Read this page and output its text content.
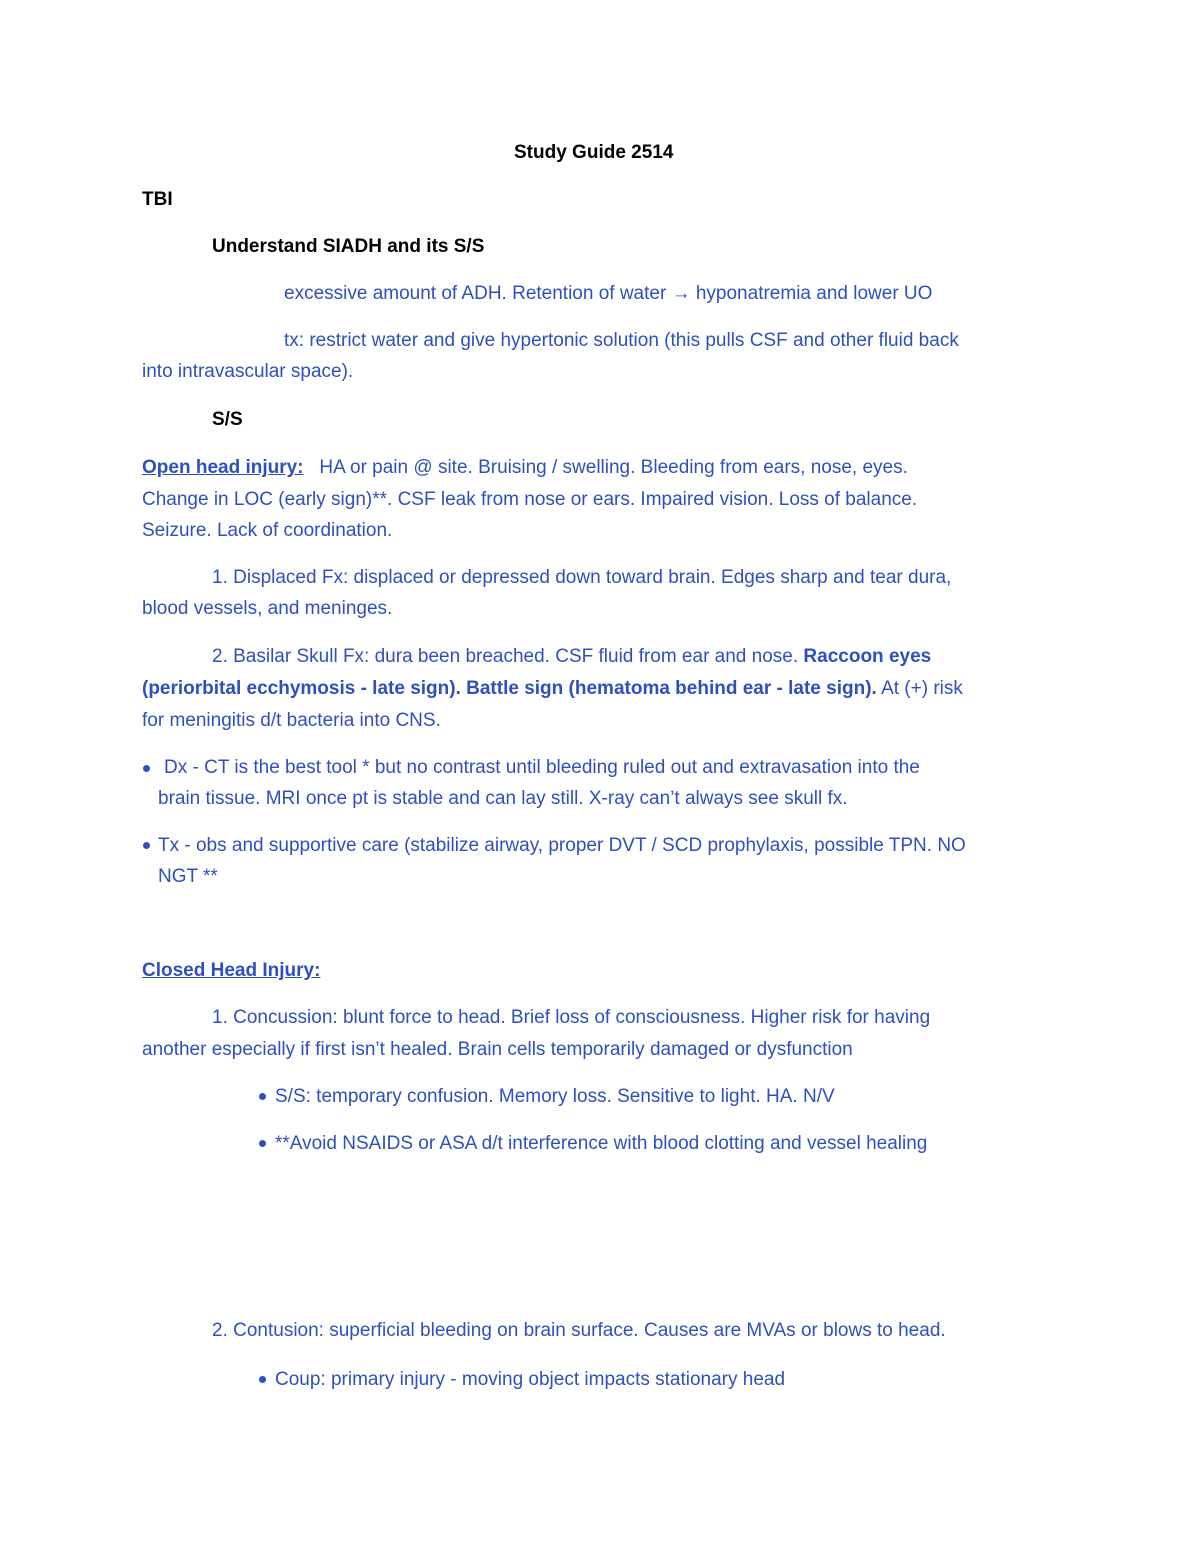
Study Guide 2514
TBI
Understand SIADH and its S/S
excessive amount of ADH. Retention of water → hyponatremia and lower UO
tx: restrict water and give hypertonic solution (this pulls CSF and other fluid back
into intravascular space).
S/S
Open head injury: HA or pain @ site. Bruising / swelling. Bleeding from ears, nose, eyes.
Change in LOC (early sign)**. CSF leak from nose or ears. Impaired vision. Loss of balance.
Seizure. Lack of coordination.
1. Displaced Fx: displaced or depressed down toward brain. Edges sharp and tear dura,
blood vessels, and meninges.
2. Basilar Skull Fx: dura been breached. CSF fluid from ear and nose. Raccoon eyes
(periorbital ecchymosis - late sign). Battle sign (hematoma behind ear - late sign). At (+) risk
for meningitis d/t bacteria into CNS.
Dx - CT is the best tool * but no contrast until bleeding ruled out and extravasation into the
brain tissue. MRI once pt is stable and can lay still. X-ray can’t always see skull fx.
Tx - obs and supportive care (stabilize airway, proper DVT / SCD prophylaxis, possible TPN. NO
NGT **
Closed Head Injury:
1. Concussion: blunt force to head. Brief loss of consciousness. Higher risk for having
another especially if first isn’t healed. Brain cells temporarily damaged or dysfunction
S/S: temporary confusion. Memory loss. Sensitive to light. HA. N/V
**Avoid NSAIDS or ASA d/t interference with blood clotting and vessel healing
2. Contusion: superficial bleeding on brain surface. Causes are MVAs or blows to head.
Coup: primary injury - moving object impacts stationary head
